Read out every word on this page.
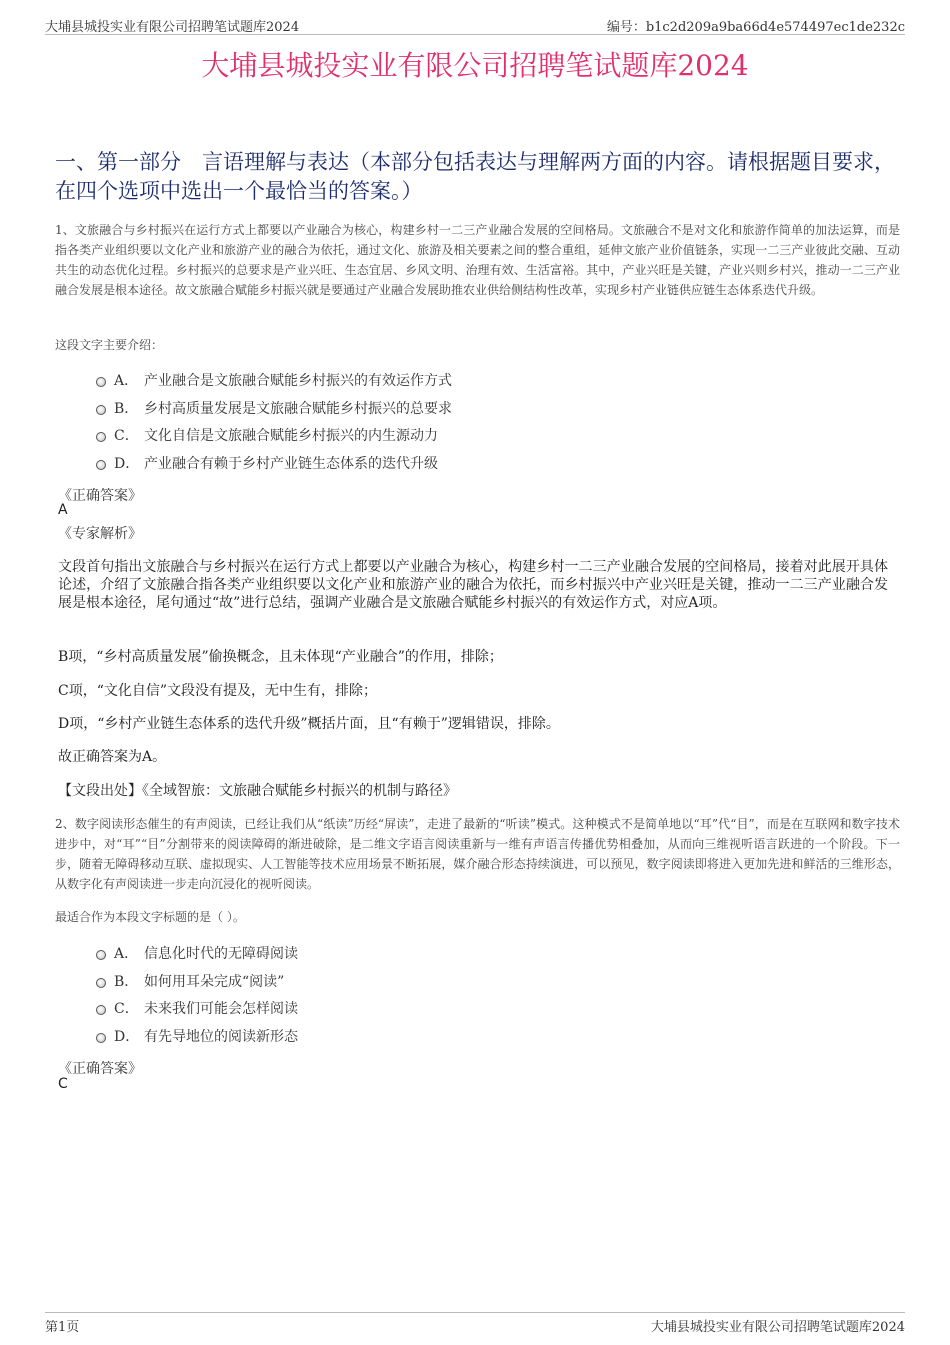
大埔县城投实业有限公司招聘笔试题库2024	编号：b1c2d209a9ba66d4e574497ec1de232c
大埔县城投实业有限公司招聘笔试题库2024
一、第一部分　言语理解与表达（本部分包括表达与理解两方面的内容。请根据题目要求，在四个选项中选出一个最恰当的答案。）
1、文旅融合与乡村振兴在运行方式上都要以产业融合为核心，构建乡村一二三产业融合发展的空间格局。文旅融合不是对文化和旅游作简单的加法运算，而是指各类产业组织要以文化产业和旅游产业的融合为依托，通过文化、旅游及相关要素之间的整合重组，延伸文旅产业价值链条，实现一二三产业彼此交融、互动共生的动态优化过程。乡村振兴的总要求是产业兴旺、生态宜居、乡风文明、治理有效、生活富裕。其中，产业兴旺是关键，产业兴则乡村兴，推动一二三产业融合发展是根本途径。故文旅融合赋能乡村振兴就是要通过产业融合发展助推农业供给侧结构性改革，实现乡村产业链供应链生态体系迭代升级。
这段文字主要介绍：
A． 产业融合是文旅融合赋能乡村振兴的有效运作方式
B． 乡村高质量发展是文旅融合赋能乡村振兴的总要求
C． 文化自信是文旅融合赋能乡村振兴的内生源动力
D． 产业融合有赖于乡村产业链生态体系的迭代升级
《正确答案》
A
《专家解析》
文段首句指出文旅融合与乡村振兴在运行方式上都要以产业融合为核心，构建乡村一二三产业融合发展的空间格局，接着对此展开具体论述，介绍了文旅融合指各类产业组织要以文化产业和旅游产业的融合为依托，而乡村振兴中产业兴旺是关键，推动一二三产业融合发展是根本途径，尾句通过“故”进行总结，强调产业融合是文旅融合赋能乡村振兴的有效运作方式，对应A项。
B项，“乡村高质量发展”偷换概念，且未体现“产业融合”的作用，排除；
C项，“文化自信”文段没有提及，无中生有，排除；
D项，“乡村产业链生态体系的迭代升级”概括片面，且“有赖于”逻辑错误，排除。
故正确答案为A。
【文段出处】《全域智旅：文旅融合赋能乡村振兴的机制与路径》
2、数字阅读形态催生的有声阅读，已经让我们从“纸读”历经“屏读”，走进了最新的“听读”模式。这种模式不是简单地以“耳”代“目”，而是在互联网和数字技术进步中，对“耳”“目”分割带来的阅读障碍的渐进破除，是二维文字语言阅读重新与一维有声语言传播优势相叠加，从而向三维视听语言跃进的一个阶段。下一步，随着无障碍移动互联、虚拟现实、人工智能等技术应用场景不断拓展，媒介融合形态持续演进，可以预见，数字阅读即将进入更加先进和鲜活的三维形态，从数字化有声阅读进一步走向沉浸化的视听阅读。
最适合作为本段文字标题的是（ ）。
A． 信息化时代的无障碍阅读
B． 如何用耳朵完成“阅读”
C． 未来我们可能会怎样阅读
D． 有先导地位的阅读新形态
《正确答案》
C
第1页	大埔县城投实业有限公司招聘笔试题库2024
